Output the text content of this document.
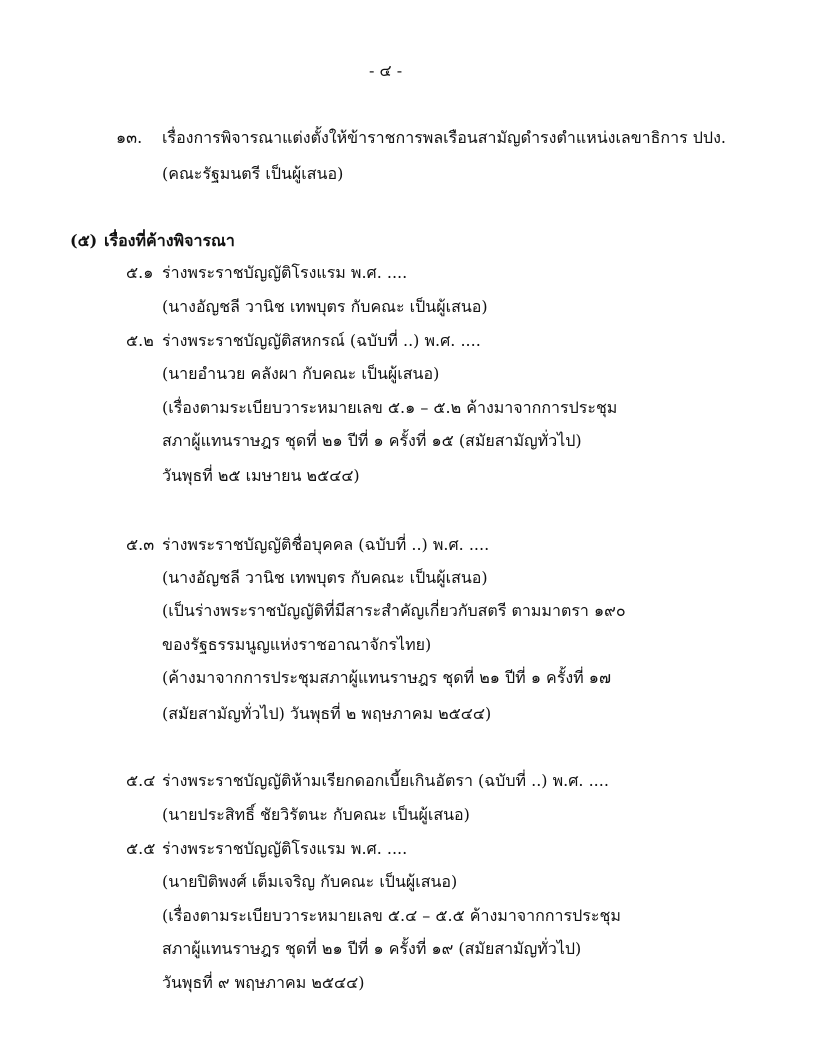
- ๔ -
๑๓. เรื่องการพิจารณาแต่งตั้งให้ข้าราชการพลเรือนสามัญดำรงตำแหน่งเลขาธิการ ปปง.
(คณะรัฐมนตรี เป็นผู้เสนอ)
(๕) เรื่องที่ค้างพิจารณา
๕.๑ ร่างพระราชบัญญัติโรงแรม พ.ศ. ....
(นางอัญชลี วานิช เทพบุตร กับคณะ เป็นผู้เสนอ)
๕.๒ ร่างพระราชบัญญัติสหกรณ์ (ฉบับที่ ..) พ.ศ. ....
(นายอำนวย คลังผา กับคณะ เป็นผู้เสนอ)
(เรื่องตามระเบียบวาระหมายเลข ๕.๑ – ๕.๒ ค้างมาจากการประชุม
สภาผู้แทนราษฎร ชุดที่ ๒๑ ปีที่ ๑ ครั้งที่ ๑๕ (สมัยสามัญทั่วไป)
วันพุธที่ ๒๕ เมษายน ๒๕๔๔)
๕.๓ ร่างพระราชบัญญัติชื่อบุคคล (ฉบับที่ ..) พ.ศ. ....
(นางอัญชลี วานิช เทพบุตร กับคณะ เป็นผู้เสนอ)
(เป็นร่างพระราชบัญญัติที่มีสาระสำคัญเกี่ยวกับสตรี ตามมาตรา ๑๙๐
ของรัฐธรรมนูญแห่งราชอาณาจักรไทย)
(ค้างมาจากการประชุมสภาผู้แทนราษฎร ชุดที่ ๒๑ ปีที่ ๑ ครั้งที่ ๑๗
(สมัยสามัญทั่วไป) วันพุธที่ ๒ พฤษภาคม ๒๕๔๔)
๕.๔ ร่างพระราชบัญญัติห้ามเรียกดอกเบี้ยเกินอัตรา (ฉบับที่ ..) พ.ศ. ....
(นายประสิทธิ์ ชัยวิรัตนะ กับคณะ เป็นผู้เสนอ)
๕.๕ ร่างพระราชบัญญัติโรงแรม พ.ศ. ....
(นายปิติพงศ์ เต็มเจริญ กับคณะ เป็นผู้เสนอ)
(เรื่องตามระเบียบวาระหมายเลข ๕.๔ – ๕.๕ ค้างมาจากการประชุม
สภาผู้แทนราษฎร ชุดที่ ๒๑ ปีที่ ๑ ครั้งที่ ๑๙ (สมัยสามัญทั่วไป)
วันพุธที่ ๙ พฤษภาคม ๒๕๔๔)
